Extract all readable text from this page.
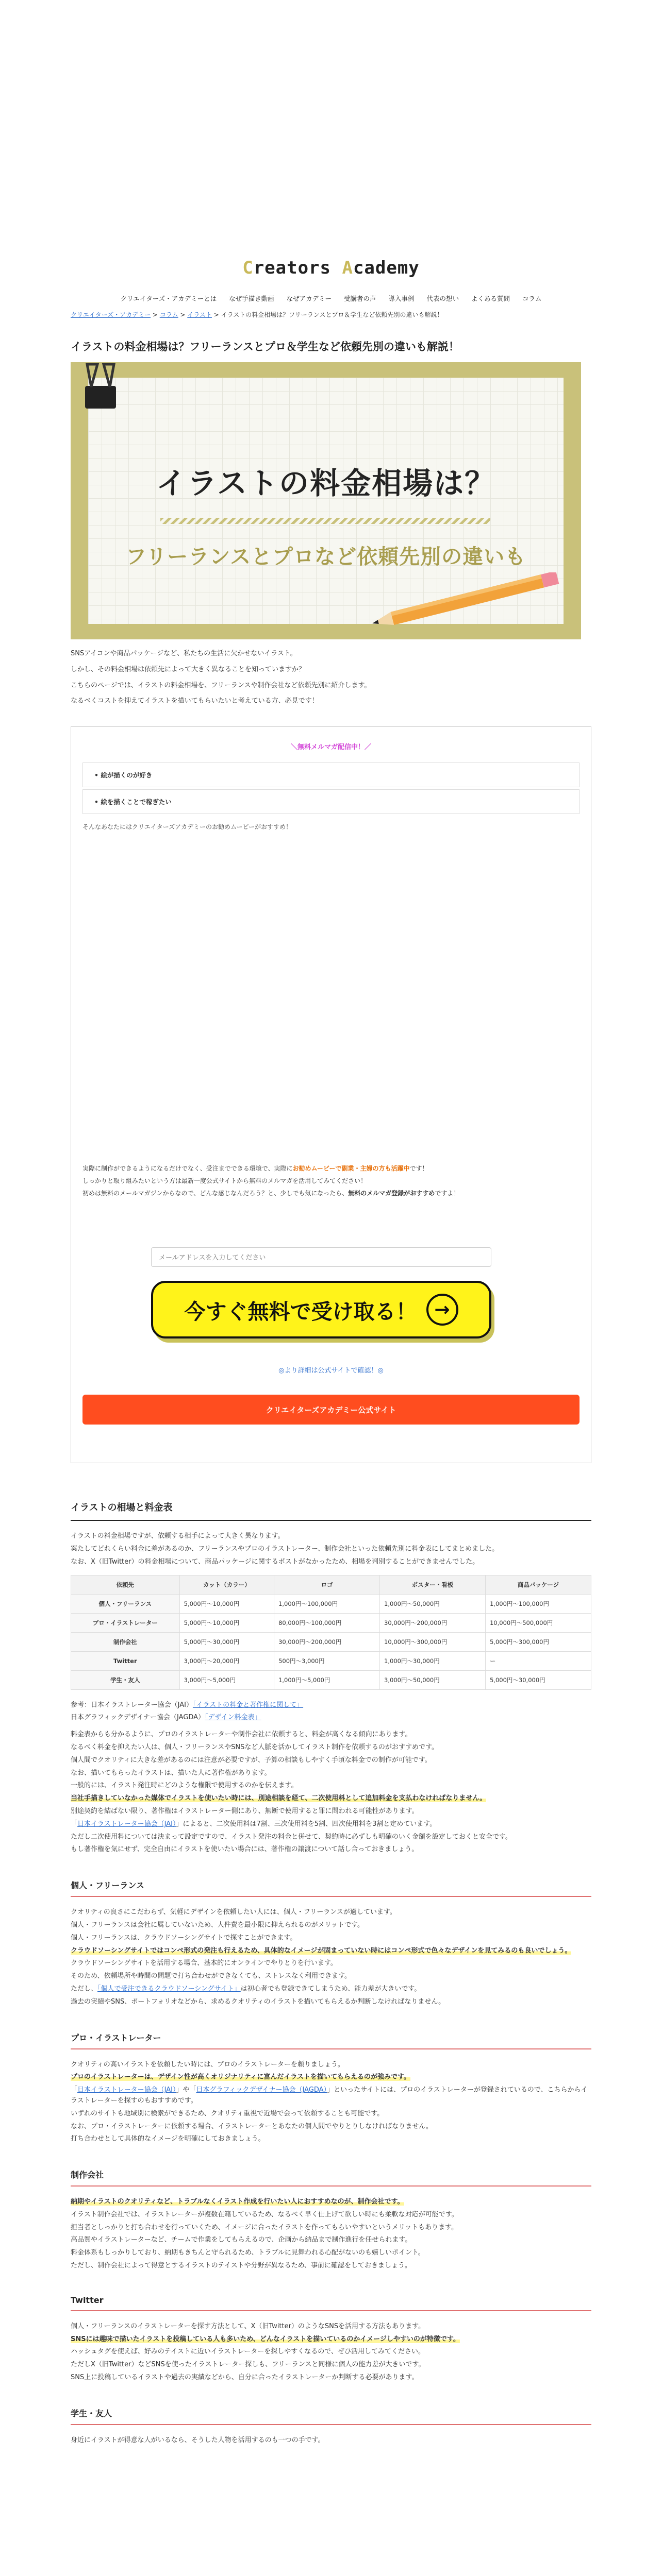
Creators Academy
クリエイターズ・アカデミーとは なぜ手描き動画 なぜアカデミー 受講者の声 導入事例 代表の想い よくある質問 コラム
クリエイターズ・アカデミー > コラム > イラスト > イラストの料金相場は？フリーランスとプロ＆学生など依頼先別の違いも解説！
イラストの料金相場は？フリーランスとプロ＆学生など依頼先別の違いも解説！
イラストの料金相場は？
フリーランスとプロなど依頼先別の違いも

SNSアイコンや商品パッケージなど、私たちの生活に欠かせないイラスト。

しかし、その料金相場は依頼先によって大きく異なることを知っていますか？

こちらのページでは、イラストの料金相場を、フリーランスや制作会社など依頼先別に紹介します。

なるべくコストを抑えてイラストを描いてもらいたいと考えている方、必見です！

＼無料メルマガ配信中！／
• 絵が描くのが好き
• 絵を描くことで稼ぎたい
そんなあなたにはクリエイターズアカデミーのお勧めムービーがおすすめ！
実際に制作ができるようになるだけでなく、受注までできる環境で、実際にお勧めムービーで副業・主婦の方も活躍中です！
しっかりと取り組みたいという方は最新一度公式サイトから無料のメルマガを活用してみてください！
初めは無料のメールマガジンからなので、どんな感じなんだろう？と、少しでも気になったら、無料のメルマガ登録がおすすめですよ！
メールアドレスを入力してください
今すぐ無料で受け取る！ →
◎より詳細は公式サイトで確認！◎
クリエイターズアカデミー公式サイト
イラストの相場と料金表

イラストの料金相場ですが、依頼する相手によって大きく異なります。

案たしてどれくらい料金に差があるのか、フリーランスやプロのイラストレーター、制作会社といった依頼先別に料金表にしてまとめました。

なお、X（旧Twitter）の料金相場について、商品パッケージに関するポストがなかったため、相場を判別することができませんでした。

依頼先	カット（カラー）	ロゴ	ポスター・看板	商品パッケージ
個人・フリーランス	5,000円〜10,000円	1,000円〜100,000円	1,000円〜50,000円	1,000円〜100,000円
プロ・イラストレーター	5,000円〜10,000円	80,000円〜100,000円	30,000円〜200,000円	10,000円〜500,000円
制作会社	5,000円〜30,000円	30,000円〜200,000円	10,000円〜300,000円	5,000円〜300,000円
Twitter	3,000円〜20,000円	500円〜3,000円	1,000円〜30,000円	ー
学生・友人	3,000円〜5,000円	1,000円〜5,000円	3,000円〜50,000円	5,000円〜30,000円

参考：日本イラストレーター協会（JAI）「イラストの料金と著作権に関して」

日本グラフィックデザイナー協会（JAGDA）「デザイン料金表」

料金表からも分かるように、プロのイラストレーターや制作会社に依頼すると、料金が高くなる傾向にあります。

なるべく料金を抑えたい人は、個人・フリーランスやSNSなど人脈を活かしてイラスト制作を依頼するのがおすすめです。

個人間でクオリティに大きな差があるのには注意が必要ですが、予算の相談もしやすく手頃な料金での制作が可能です。

なお、描いてもらったイラストは、描いた人に著作権があります。

一般的には、イラスト発注時にどのような権限で使用するのかを伝えます。

当社手描きしていなかった媒体でイラストを使いたい時には、別途相談を経て、二次使用料として追加料金を支払わなければなりません。

別途契約を結ばない限り、著作権はイラストレーター側にあり、無断で使用すると罪に問われる可能性があります。

「日本イラストレーター協会（JAI）」によると、二次使用料は7割、三次使用料を5割、四次使用料を3割と定めています。

ただし二次使用料については決まって設定ですので、イラスト発注の料金と併せて、契約時に必ずしも明確のいく金額を設定しておくと安全です。

もし著作権を気にせず、完全自由にイラストを使いたい場合には、著作権の譲渡について話し合っておきましょう。

個人・フリーランス

クオリティの良さにこだわらず、気軽にデザインを依頼したい人には、個人・フリーランスが適しています。

個人・フリーランスは会社に属していないため、人件費を最小限に抑えられるのがメリットです。

個人・フリーランスは、クラウドソーシングサイトで探すことができます。

クラウドソーシングサイトではコンペ形式の発注も行えるため、具体的なイメージが固まっていない時にはコンペ形式で色々なデザインを見てみるのも良いでしょう。

クラウドソーシングサイトを活用する場合、基本的にオンラインでやりとりを行います。

そのため、依頼場所や時間の問題で打ち合わせができなくても、ストレスなく利用できます。

ただし、「個人で受注できるクラウドソーシングサイト」は初心者でも登録できてしまうため、能力差が大きいです。

過去の実績やSNS、ポートフォリオなどから、求めるクオリティのイラストを描いてもらえるか判断しなければなりません。

プロ・イラストレーター

クオリティの高いイラストを依頼したい時には、プロのイラストレーターを頼りましょう。

プロのイラストレーターは、デザイン性が高くオリジナリティに富んだイラストを描いてもらえるのが強みです。

「日本イラストレーター協会（JAI）」や「日本グラフィックデザイナー協会（JAGDA）」といったサイトには、プロのイラストレーターが登録されているので、こちらからイラストレーターを探すのもおすすめです。

いずれのサイトも地域別に検索ができるため、クオリティ重視で近場で会って依頼することも可能です。

なお、プロ・イラストレーターに依頼する場合、イラストレーターとあなたの個人間でやりとりしなければなりません。

打ち合わせとして具体的なイメージを明確にしておきましょう。

制作会社

納期やイラストのクオリティなど、トラブルなくイラスト作成を行いたい人におすすめなのが、制作会社です。

イラスト制作会社では、イラストレーターが複数在籍しているため、なるべく早く仕上げて欲しい時にも柔軟な対応が可能です。

担当者としっかりと打ち合わせを行っていくため、イメージに合ったイラストを作ってもらいやすいというメリットもあります。

高品質やイラストレーターなど、チームで作業をしてもらえるので、企画から納品まで制作進行を任せられます。

料金体系もしっかりしており、納期もきちんと守られるため、トラブルに見舞われる心配がないのも嬉しいポイント。

ただし、制作会社によって得意とするイラストのテイストや分野が異なるため、事前に確認をしておきましょう。

Twitter

個人・フリーランスのイラストレーターを探す方法として、X（旧Twitter）のようなSNSを活用する方法もあります。

SNSには趣味で描いたイラストを投稿している人も多いため、どんなイラストを描いているのかイメージしやすいのが特徴です。

ハッシュタグを使えば、好みのテイストに近いイラストレーターを探しやすくなるので、ぜひ活用してみてください。

ただしX（旧Twitter）などSNSを使ったイラストレーター探しも、フリーランスと同様に個人の能力差が大きいです。

SNS上に投稿しているイラストや過去の実績などから、自分に合ったイラストレーターか判断する必要があります。

学生・友人

身近にイラストが得意な人がいるなら、そうした人物を活用するのも一つの手です。
